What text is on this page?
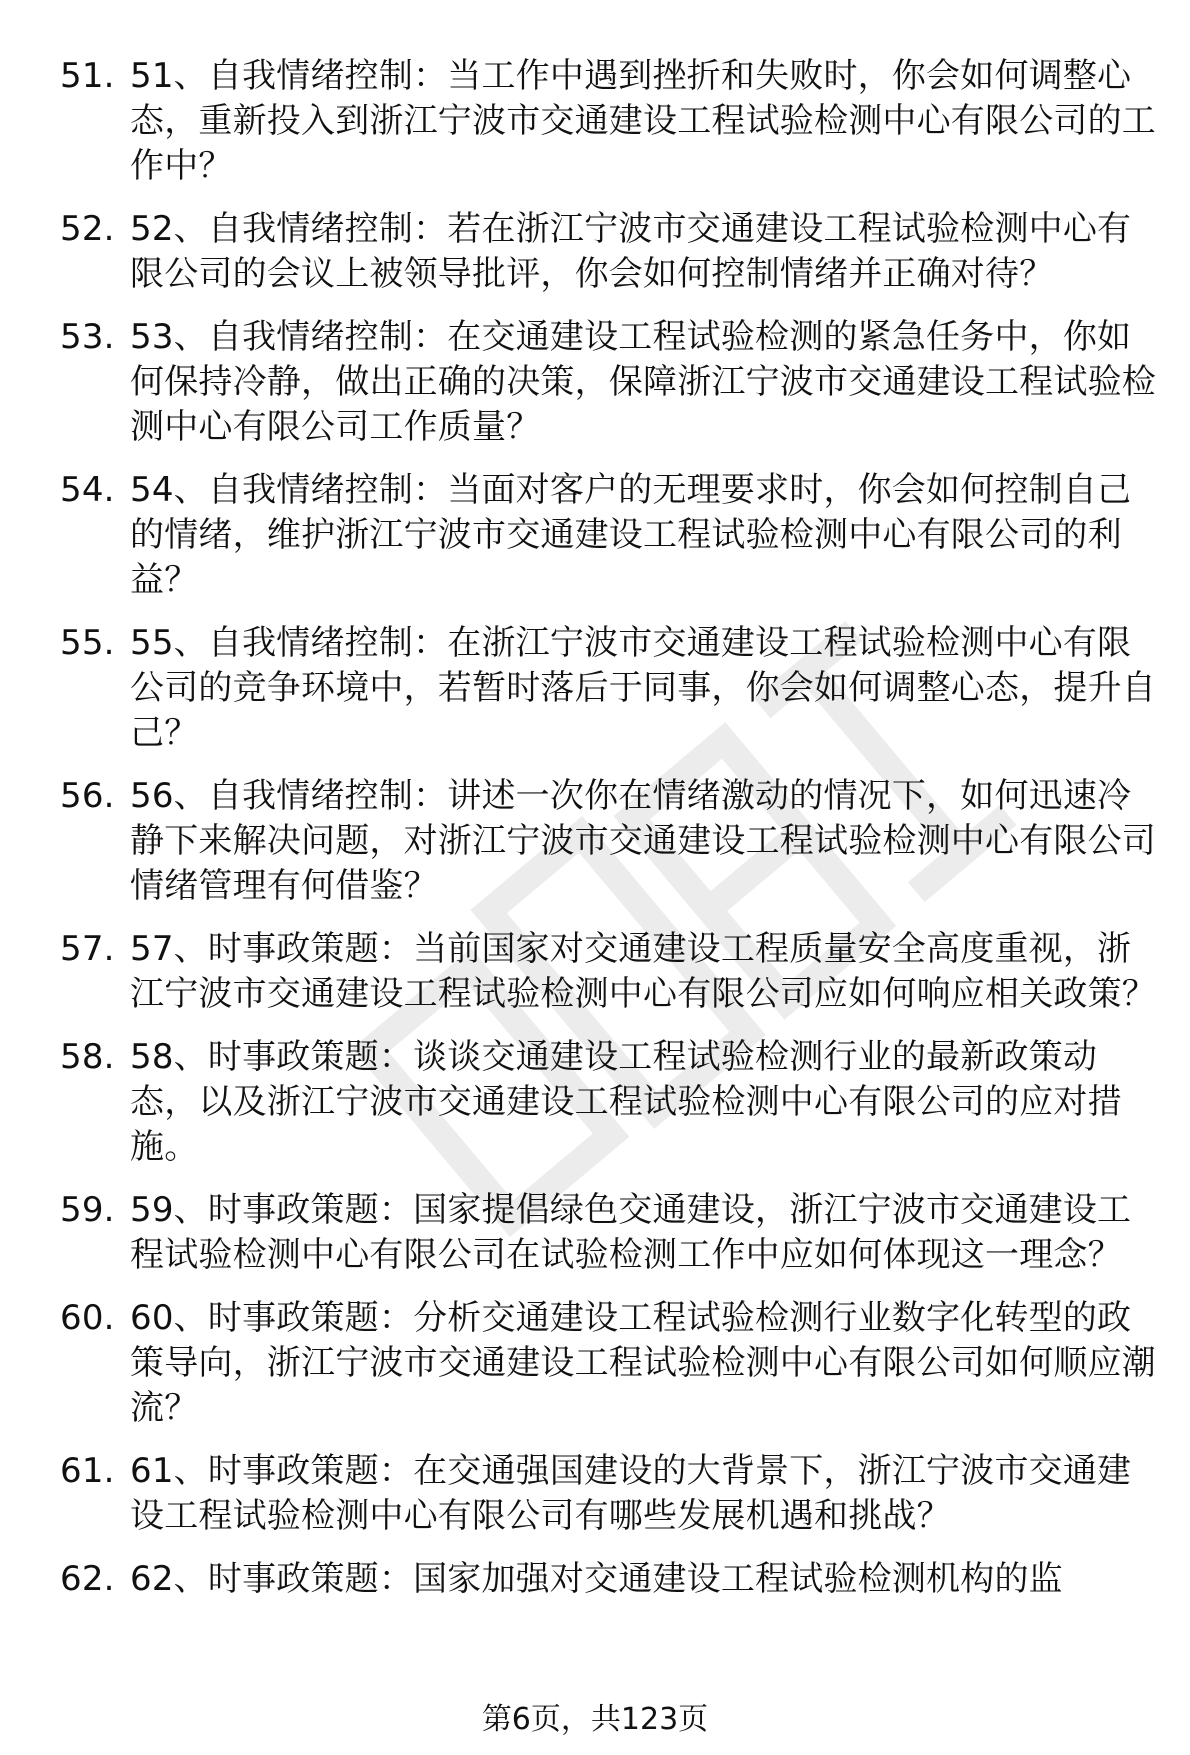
51. 51、自我情绪控制：当工作中遇到挫折和失败时，你会如何调整心态，重新投入到浙江宁波市交通建设工程试验检测中心有限公司的工作中？
52. 52、自我情绪控制：若在浙江宁波市交通建设工程试验检测中心有限公司的会议上被领导批评，你会如何控制情绪并正确对待？
53. 53、自我情绪控制：在交通建设工程试验检测的紧急任务中，你如何保持冷静，做出正确的决策，保障浙江宁波市交通建设工程试验检测中心有限公司工作质量？
54. 54、自我情绪控制：当面对客户的无理要求时，你会如何控制自己的情绪，维护浙江宁波市交通建设工程试验检测中心有限公司的利益？
55. 55、自我情绪控制：在浙江宁波市交通建设工程试验检测中心有限公司的竞争环境中，若暂时落后于同事，你会如何调整心态，提升自己？
56. 56、自我情绪控制：讲述一次你在情绪激动的情况下，如何迅速冷静下来解决问题，对浙江宁波市交通建设工程试验检测中心有限公司情绪管理有何借鉴？
57. 57、时事政策题：当前国家对交通建设工程质量安全高度重视，浙江宁波市交通建设工程试验检测中心有限公司应如何响应相关政策？
58. 58、时事政策题：谈谈交通建设工程试验检测行业的最新政策动态，以及浙江宁波市交通建设工程试验检测中心有限公司的应对措施。
59. 59、时事政策题：国家提倡绿色交通建设，浙江宁波市交通建设工程试验检测中心有限公司在试验检测工作中应如何体现这一理念？
60. 60、时事政策题：分析交通建设工程试验检测行业数字化转型的政策导向，浙江宁波市交通建设工程试验检测中心有限公司如何顺应潮流？
61. 61、时事政策题：在交通强国建设的大背景下，浙江宁波市交通建设工程试验检测中心有限公司有哪些发展机遇和挑战？
62. 62、时事政策题：国家加强对交通建设工程试验检测机构的监
第6页，共123页
